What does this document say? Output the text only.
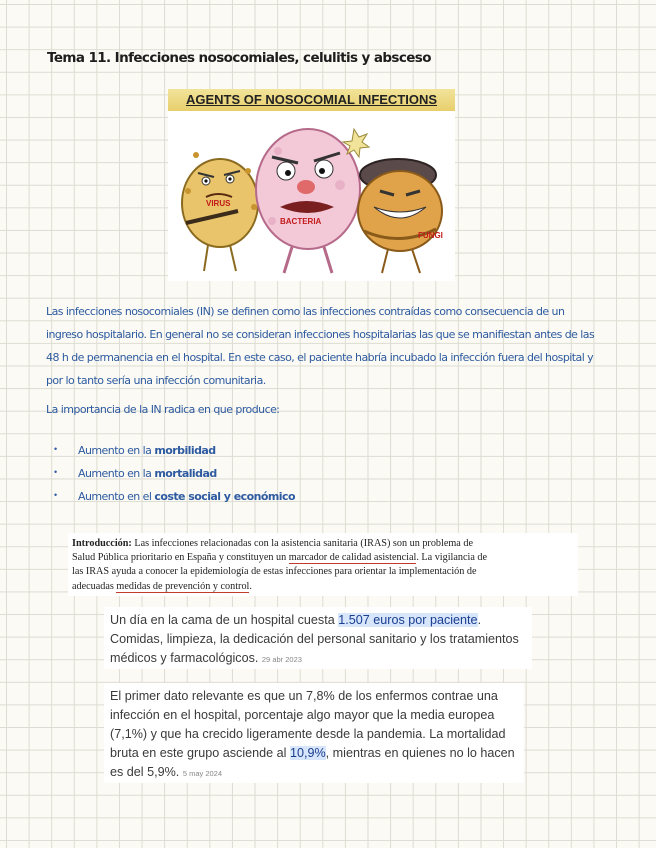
Tema 11. Infecciones nosocomiales, celulitis y absceso
AGENTS OF NOSOCOMIAL INFECTIONS
VIRUS
BACTERIA
FUNGI
Las infecciones nosocomiales (IN) se definen como las infecciones contraídas como consecuencia de un
ingreso hospitalario. En general no se consideran infecciones hospitalarias las que se manifiestan antes de las
48 h de permanencia en el hospital. En este caso, el paciente habría incubado la infección fuera del hospital y
por lo tanto sería una infección comunitaria.
La importancia de la IN radica en que produce:
• Aumento en la morbilidad
• Aumento en la mortalidad
• Aumento en el coste social y económico
Introducción: Las infecciones relacionadas con la asistencia sanitaria (IRAS) son un problema de
Salud Pública prioritario en España y constituyen un marcador de calidad asistencial. La vigilancia de
las IRAS ayuda a conocer la epidemiología de estas infecciones para orientar la implementación de
adecuadas medidas de prevención y control.
Un día en la cama de un hospital cuesta 1.507 euros por paciente.
Comidas, limpieza, la dedicación del personal sanitario y los tratamientos
médicos y farmacológicos. 29 abr 2023
El primer dato relevante es que un 7,8% de los enfermos contrae una
infección en el hospital, porcentaje algo mayor que la media europea
(7,1%) y que ha crecido ligeramente desde la pandemia. La mortalidad
bruta en este grupo asciende al 10,9%, mientras en quienes no lo hacen
es del 5,9%. 5 may 2024
